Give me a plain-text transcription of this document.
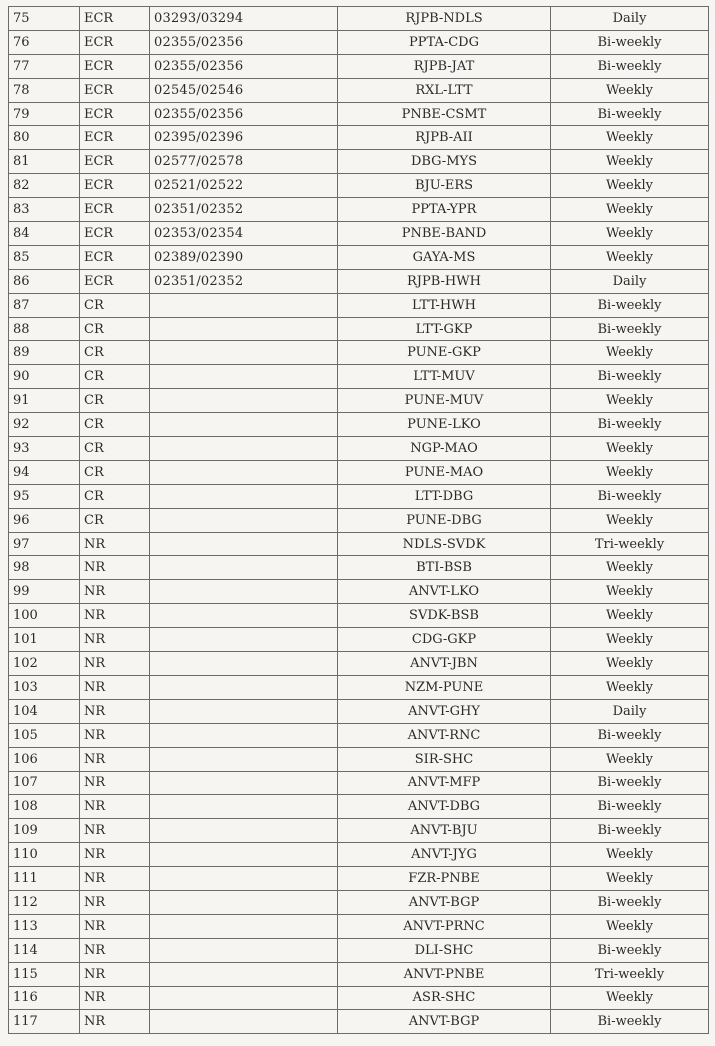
75	ECR	03293/03294	RJPB-NDLS	Daily
76	ECR	02355/02356	PPTA-CDG	Bi-weekly
77	ECR	02355/02356	RJPB-JAT	Bi-weekly
78	ECR	02545/02546	RXL-LTT	Weekly
79	ECR	02355/02356	PNBE-CSMT	Bi-weekly
80	ECR	02395/02396	RJPB-AII	Weekly
81	ECR	02577/02578	DBG-MYS	Weekly
82	ECR	02521/02522	BJU-ERS	Weekly
83	ECR	02351/02352	PPTA-YPR	Weekly
84	ECR	02353/02354	PNBE-BAND	Weekly
85	ECR	02389/02390	GAYA-MS	Weekly
86	ECR	02351/02352	RJPB-HWH	Daily
87	CR		LTT-HWH	Bi-weekly
88	CR		LTT-GKP	Bi-weekly
89	CR		PUNE-GKP	Weekly
90	CR		LTT-MUV	Bi-weekly
91	CR		PUNE-MUV	Weekly
92	CR		PUNE-LKO	Bi-weekly
93	CR		NGP-MAO	Weekly
94	CR		PUNE-MAO	Weekly
95	CR		LTT-DBG	Bi-weekly
96	CR		PUNE-DBG	Weekly
97	NR		NDLS-SVDK	Tri-weekly
98	NR		BTI-BSB	Weekly
99	NR		ANVT-LKO	Weekly
100	NR		SVDK-BSB	Weekly
101	NR		CDG-GKP	Weekly
102	NR		ANVT-JBN	Weekly
103	NR		NZM-PUNE	Weekly
104	NR		ANVT-GHY	Daily
105	NR		ANVT-RNC	Bi-weekly
106	NR		SIR-SHC	Weekly
107	NR		ANVT-MFP	Bi-weekly
108	NR		ANVT-DBG	Bi-weekly
109	NR		ANVT-BJU	Bi-weekly
110	NR		ANVT-JYG	Weekly
111	NR		FZR-PNBE	Weekly
112	NR		ANVT-BGP	Bi-weekly
113	NR		ANVT-PRNC	Weekly
114	NR		DLI-SHC	Bi-weekly
115	NR		ANVT-PNBE	Tri-weekly
116	NR		ASR-SHC	Weekly
117	NR		ANVT-BGP	Bi-weekly
